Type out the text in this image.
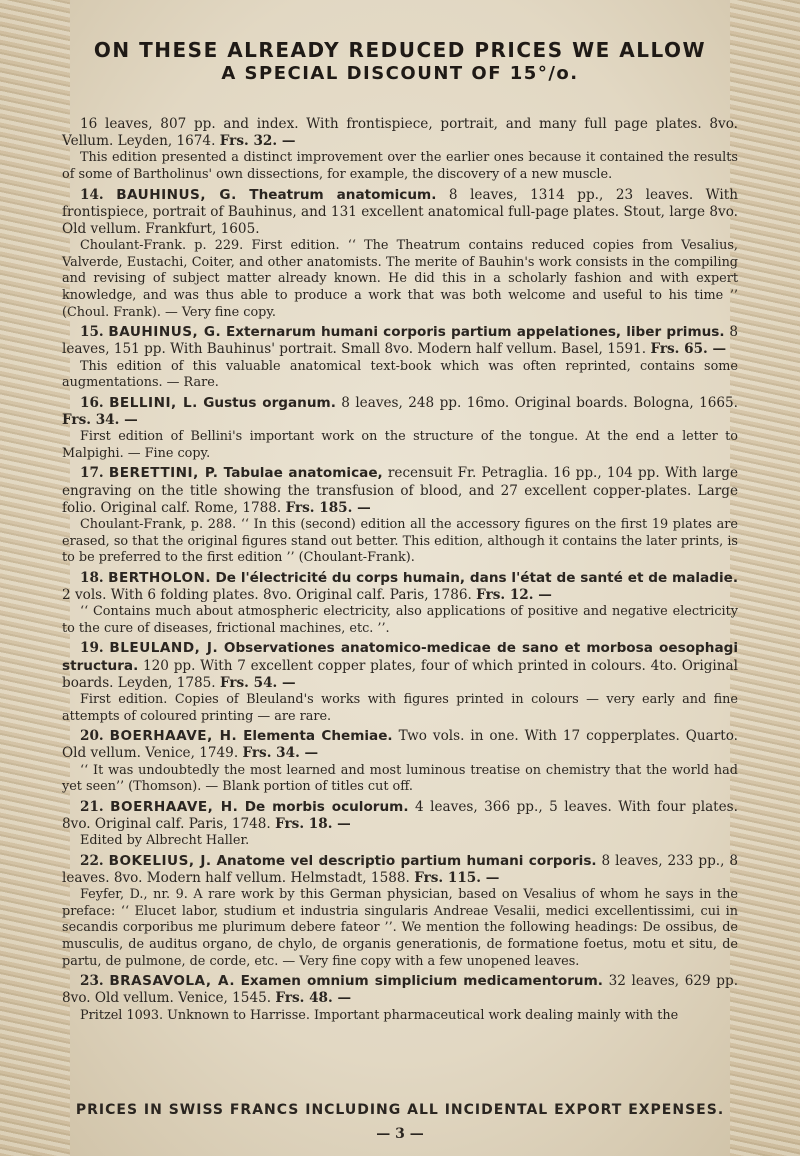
ON THESE ALREADY REDUCED PRICES WE ALLOW
A SPECIAL DISCOUNT OF 15°/o.

16 leaves, 807 pp. and index. With frontispiece, portrait, and many full page plates. 8vo. Vellum. Leyden, 1674. Frs. 32. —

This edition presented a distinct improvement over the earlier ones because it contained the results of some of Bartholinus' own dissections, for example, the discovery of a new muscle.

14. BAUHINUS, G. Theatrum anatomicum. 8 leaves, 1314 pp., 23 leaves. With frontispiece, portrait of Bauhinus, and 131 excellent anatomical full-page plates. Stout, large 8vo. Old vellum. Frankfurt, 1605.

Choulant-Frank. p. 229. First edition. ‘‘ The Theatrum contains reduced copies from Vesalius, Valverde, Eustachi, Coiter, and other anatomists. The merite of Bauhin's work consists in the compiling and revising of subject matter already known. He did this in a scholarly fashion and with expert knowledge, and was thus able to produce a work that was both welcome and useful to his time ’’ (Choul. Frank). — Very fine copy.

15. BAUHINUS, G. Externarum humani corporis partium appelationes, liber primus. 8 leaves, 151 pp. With Bauhinus' portrait. Small 8vo. Modern half vellum. Basel, 1591. Frs. 65. —

This edition of this valuable anatomical text-book which was often reprinted, contains some augmentations. — Rare.

16. BELLINI, L. Gustus organum. 8 leaves, 248 pp. 16mo. Original boards. Bologna, 1665. Frs. 34. —

First edition of Bellini's important work on the structure of the tongue. At the end a letter to Malpighi. — Fine copy.

17. BERETTINI, P. Tabulae anatomicae, recensuit Fr. Petraglia. 16 pp., 104 pp. With large engraving on the title showing the transfusion of blood, and 27 excellent copper-plates. Large folio. Original calf. Rome, 1788. Frs. 185. —

Choulant-Frank, p. 288. ‘‘ In this (second) edition all the accessory figures on the first 19 plates are erased, so that the original figures stand out better. This edition, although it contains the later prints, is to be preferred to the first edition ’’ (Choulant-Frank).

18. BERTHOLON. De l'électricité du corps humain, dans l'état de santé et de maladie. 2 vols. With 6 folding plates. 8vo. Original calf. Paris, 1786. Frs. 12. —

‘‘ Contains much about atmospheric electricity, also applications of positive and negative electricity to the cure of diseases, frictional machines, etc. ’’.

19. BLEULAND, J. Observationes anatomico-medicae de sano et morbosa oesophagi structura. 120 pp. With 7 excellent copper plates, four of which printed in colours. 4to. Original boards. Leyden, 1785. Frs. 54. —

First edition. Copies of Bleuland's works with figures printed in colours — very early and fine attempts of coloured printing — are rare.

20. BOERHAAVE, H. Elementa Chemiae. Two vols. in one. With 17 copperplates. Quarto. Old vellum. Venice, 1749. Frs. 34. —

‘‘ It was undoubtedly the most learned and most luminous treatise on chemistry that the world had yet seen’’ (Thomson). — Blank portion of titles cut off.

21. BOERHAAVE, H. De morbis oculorum. 4 leaves, 366 pp., 5 leaves. With four plates. 8vo. Original calf. Paris, 1748. Frs. 18. —

Edited by Albrecht Haller.

22. BOKELIUS, J. Anatome vel descriptio partium humani corporis. 8 leaves, 233 pp., 8 leaves. 8vo. Modern half vellum. Helmstadt, 1588. Frs. 115. —

Feyfer, D., nr. 9. A rare work by this German physician, based on Vesalius of whom he says in the preface: ‘‘ Elucet labor, studium et industria singularis Andreae Vesalii, medici excellentissimi, cui in secandis corporibus me plurimum debere fateor ’’. We mention the following headings: De ossibus, de musculis, de auditus organo, de chylo, de organis generationis, de formatione foetus, motu et situ, de partu, de pulmone, de corde, etc. — Very fine copy with a few unopened leaves.

23. BRASAVOLA, A. Examen omnium simplicium medicamentorum. 32 leaves, 629 pp. 8vo. Old vellum. Venice, 1545. Frs. 48. —

Pritzel 1093. Unknown to Harrisse. Important pharmaceutical work dealing mainly with the

PRICES IN SWISS FRANCS INCLUDING ALL INCIDENTAL EXPORT EXPENSES.
— 3 —
